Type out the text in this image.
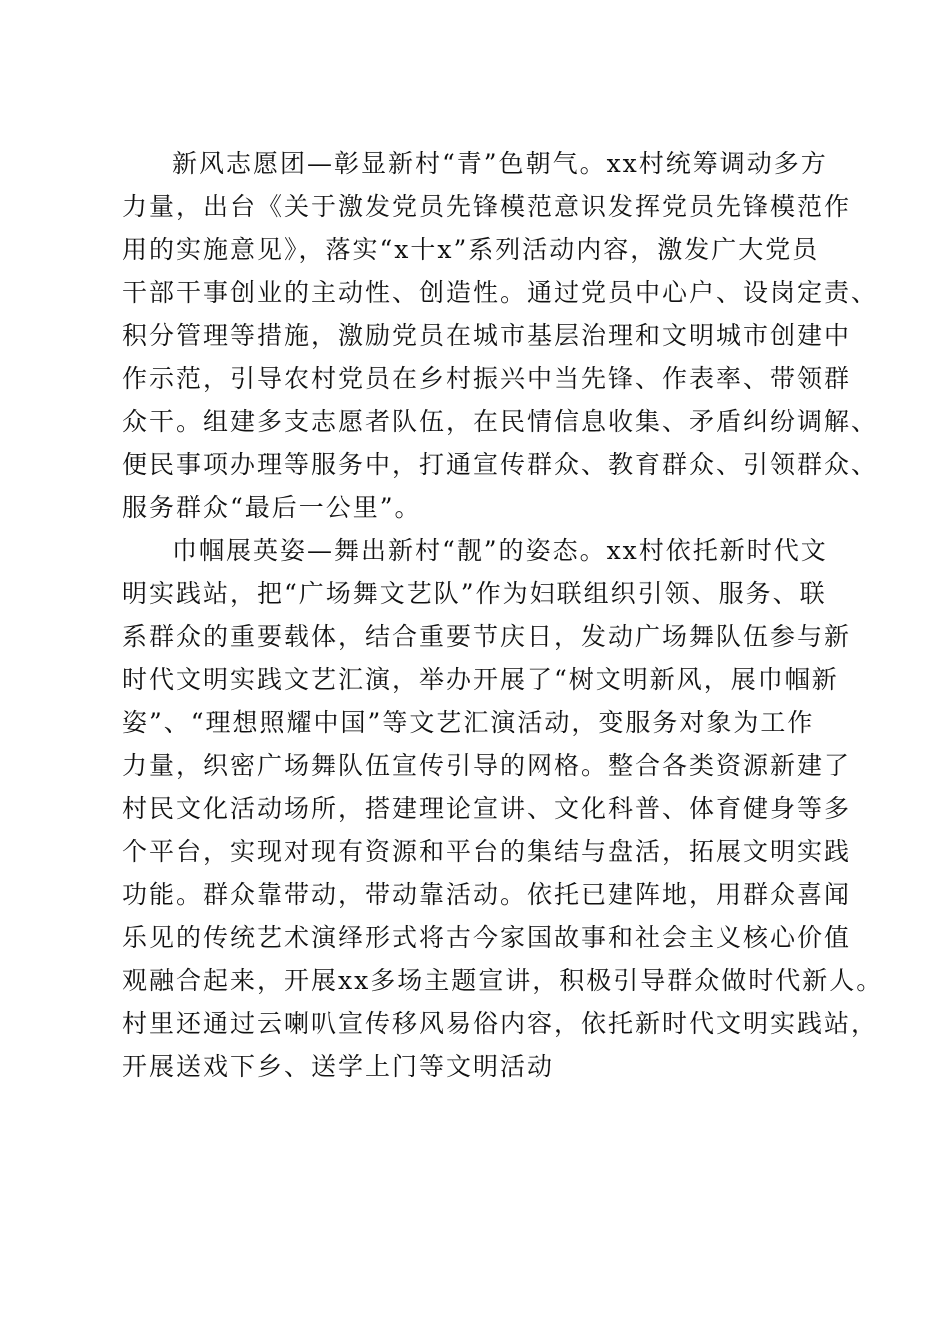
新风志愿团—彰显新村“青”色朝气。xx村统筹调动多方
力量，出台《关于激发党员先锋模范意识发挥党员先锋模范作
用的实施意见》，落实“x十x”系列活动内容，激发广大党员
干部干事创业的主动性、创造性。通过党员中心户、设岗定责、
积分管理等措施，激励党员在城市基层治理和文明城市创建中
作示范，引导农村党员在乡村振兴中当先锋、作表率、带领群
众干。组建多支志愿者队伍，在民情信息收集、矛盾纠纷调解、
便民事项办理等服务中，打通宣传群众、教育群众、引领群众、
服务群众“最后一公里”。
巾帼展英姿—舞出新村“靓”的姿态。xx村依托新时代文
明实践站，把“广场舞文艺队”作为妇联组织引领、服务、联
系群众的重要载体，结合重要节庆日，发动广场舞队伍参与新
时代文明实践文艺汇演，举办开展了“树文明新风，展巾帼新
姿”、“理想照耀中国”等文艺汇演活动，变服务对象为工作
力量，织密广场舞队伍宣传引导的网格。整合各类资源新建了
村民文化活动场所，搭建理论宣讲、文化科普、体育健身等多
个平台，实现对现有资源和平台的集结与盘活，拓展文明实践
功能。群众靠带动，带动靠活动。依托已建阵地，用群众喜闻
乐见的传统艺术演绎形式将古今家国故事和社会主义核心价值
观融合起来，开展xx多场主题宣讲，积极引导群众做时代新人。
村里还通过云喇叭宣传移风易俗内容，依托新时代文明实践站，
开展送戏下乡、送学上门等文明活动
